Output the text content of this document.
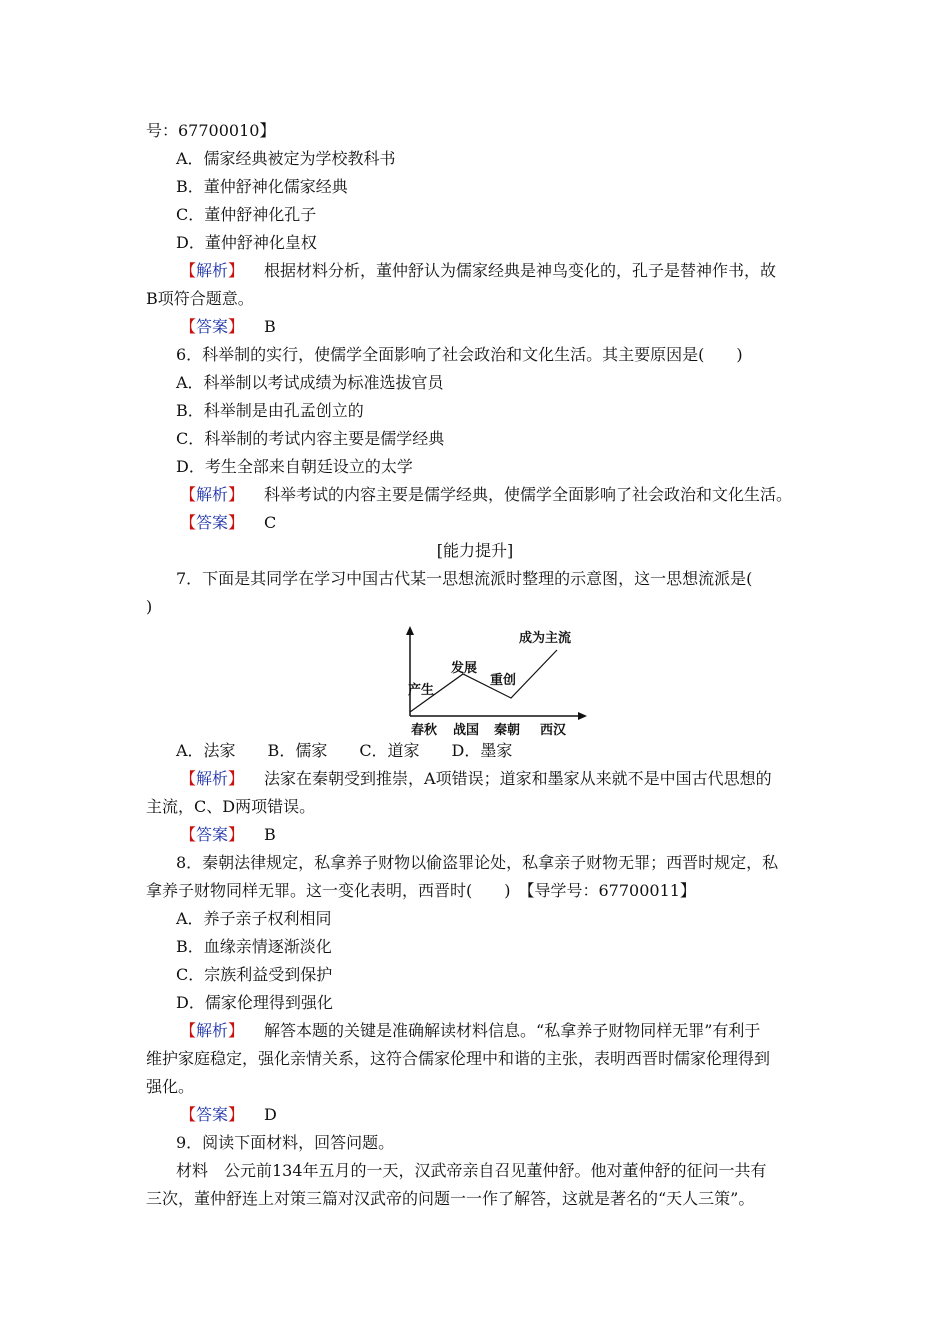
号：67700010】
A．儒家经典被定为学校教科书
B．董仲舒神化儒家经典
C．董仲舒神化孔子
D．董仲舒神化皇权
【解析】 根据材料分析，董仲舒认为儒家经典是神鸟变化的，孔子是替神作书，故
B项符合题意。
【答案】 B
6．科举制的实行，使儒学全面影响了社会政治和文化生活。其主要原因是(　　)
A．科举制以考试成绩为标准选拔官员
B．科举制是由孔孟创立的
C．科举制的考试内容主要是儒学经典
D．考生全部来自朝廷设立的太学
【解析】 科举考试的内容主要是儒学经典，使儒学全面影响了社会政治和文化生活。
【答案】 C
[能力提升]
7．下面是其同学在学习中国古代某一思想流派时整理的示意图，这一思想流派是(
)
产生
发展
重创
成为主流
春秋 战国 秦朝 西汉
A．法家　　B．儒家　　C．道家　　D．墨家
【解析】 法家在秦朝受到推崇，A项错误；道家和墨家从来就不是中国古代思想的
主流，C、D两项错误。
【答案】 B
8．秦朝法律规定，私拿养子财物以偷盗罪论处，私拿亲子财物无罪；西晋时规定，私
拿养子财物同样无罪。这一变化表明，西晋时(　　)　【导学号：67700011】
A．养子亲子权利相同
B．血缘亲情逐渐淡化
C．宗族利益受到保护
D．儒家伦理得到强化
【解析】 解答本题的关键是准确解读材料信息。“私拿养子财物同样无罪”有利于
维护家庭稳定，强化亲情关系，这符合儒家伦理中和谐的主张，表明西晋时儒家伦理得到
强化。
【答案】 D
9．阅读下面材料，回答问题。
材料　公元前134年五月的一天，汉武帝亲自召见董仲舒。他对董仲舒的征问一共有
三次，董仲舒连上对策三篇对汉武帝的问题一一作了解答，这就是著名的“天人三策”。
